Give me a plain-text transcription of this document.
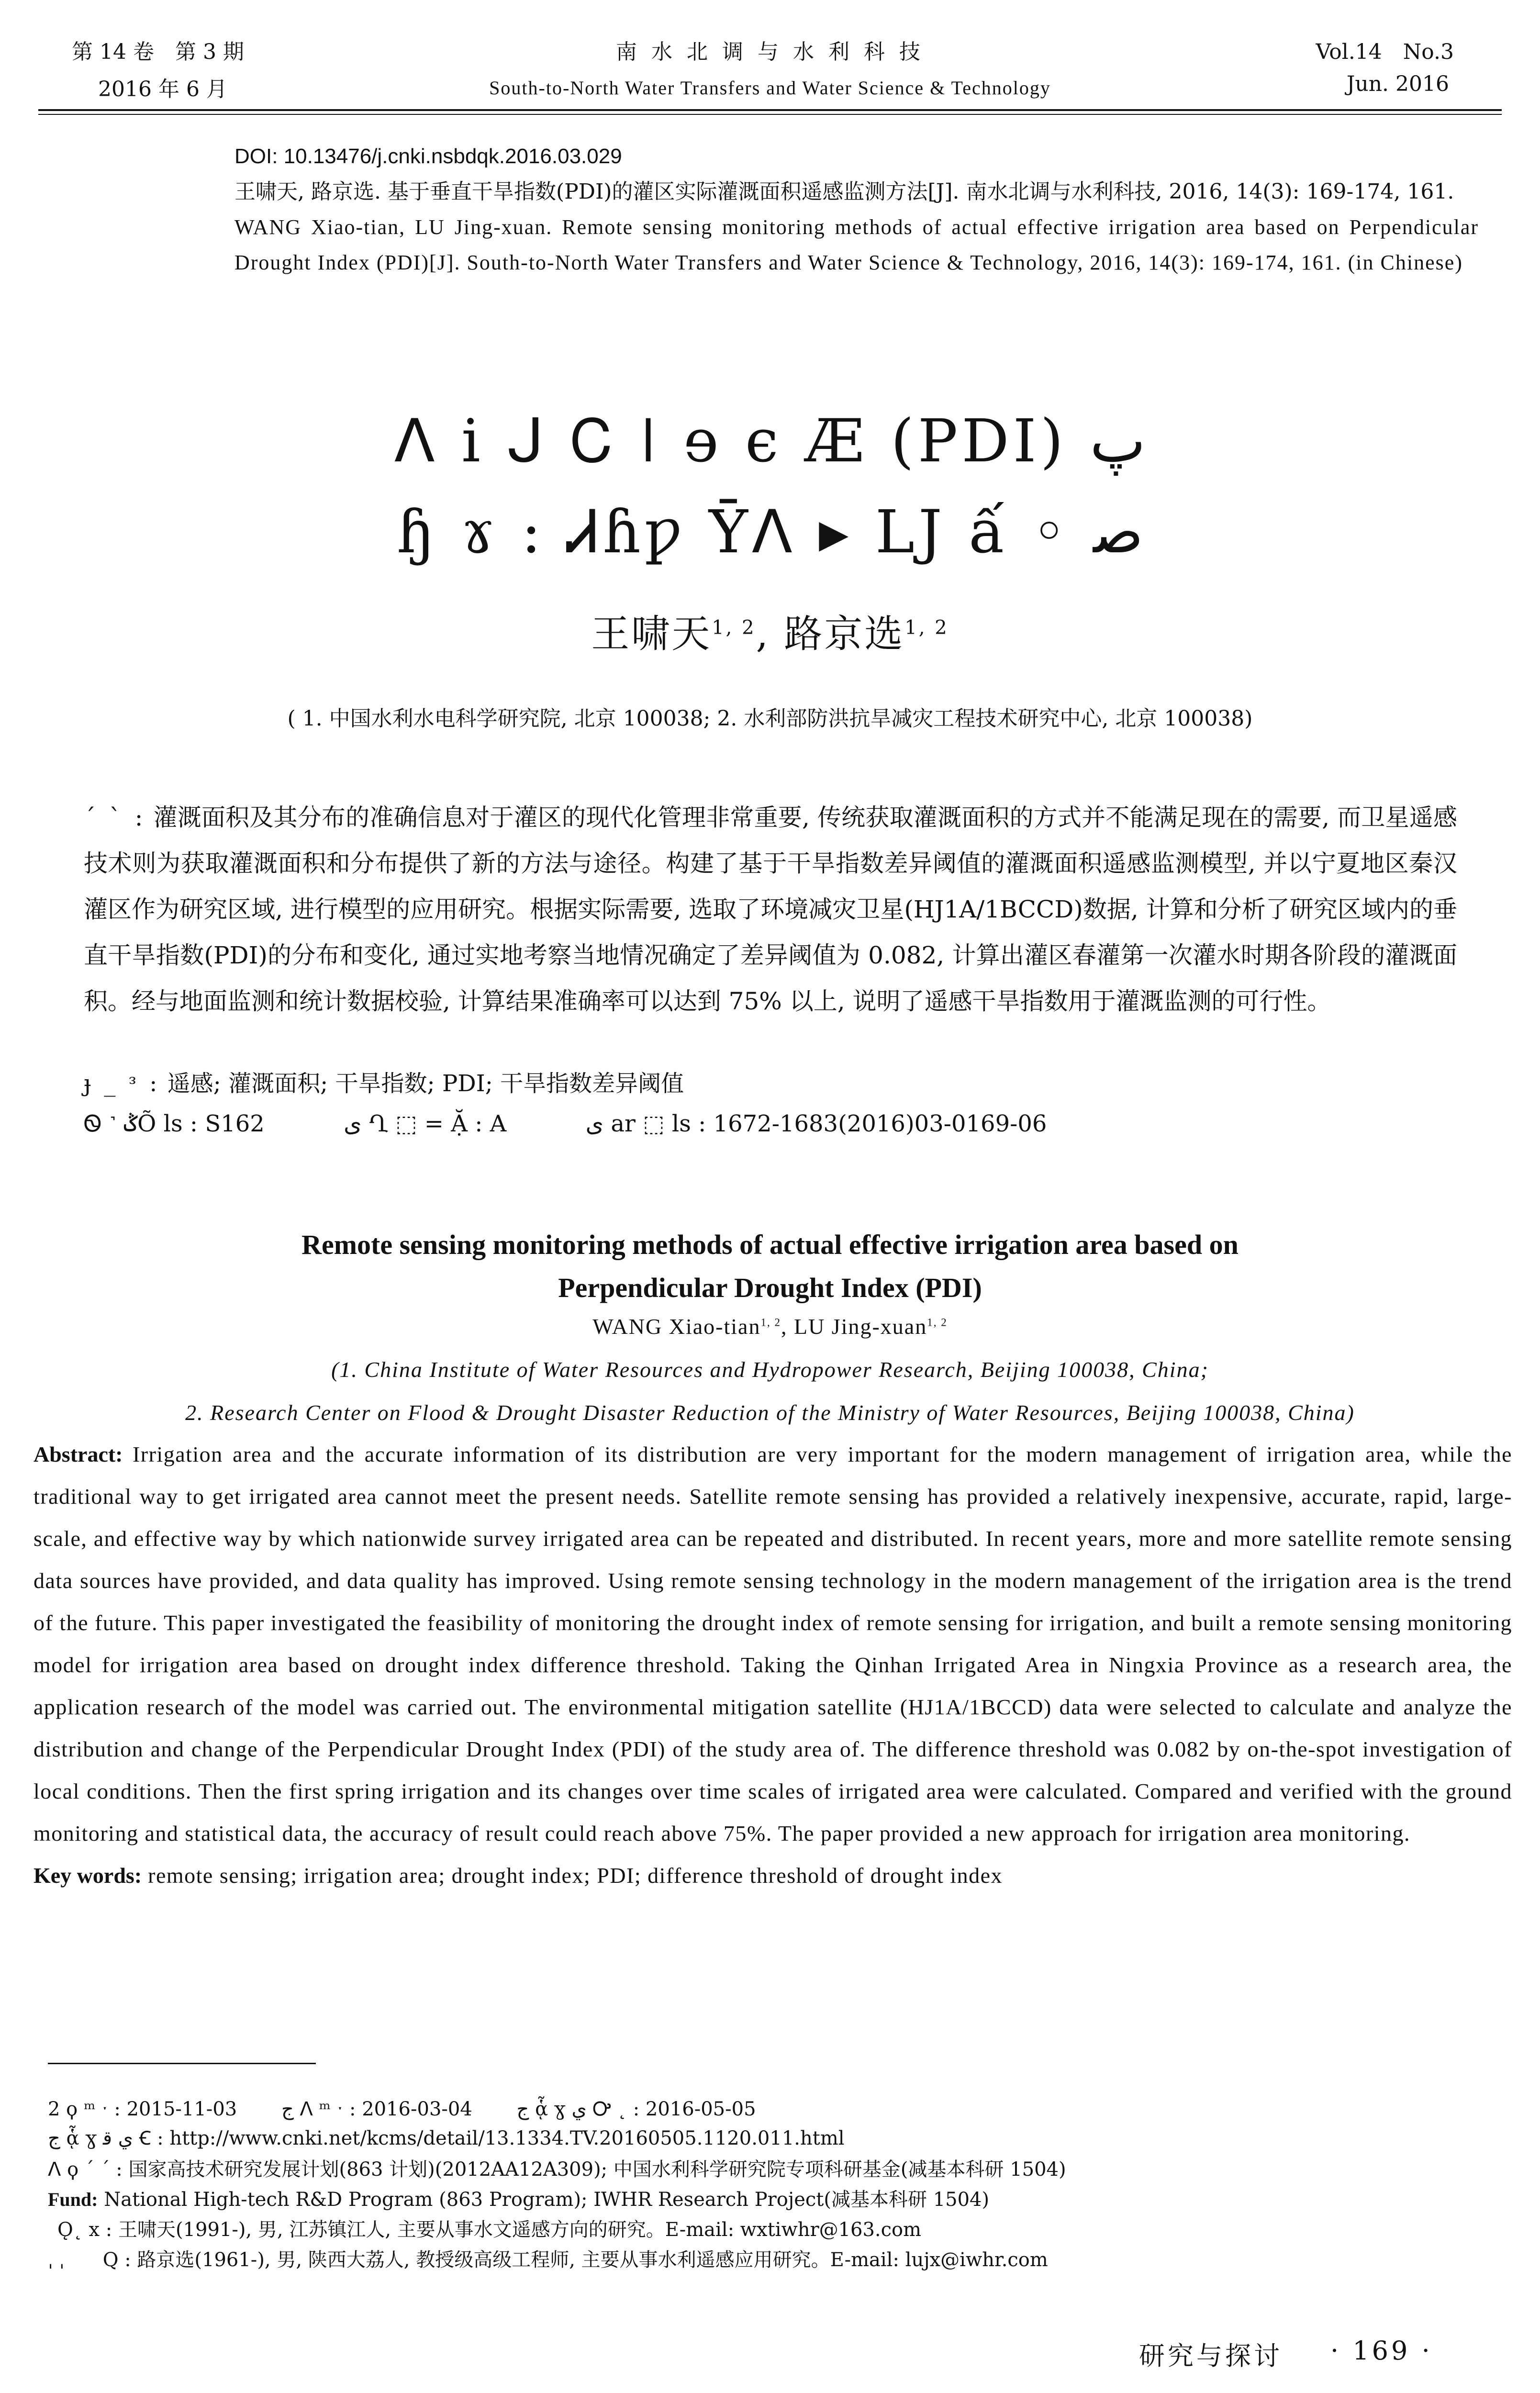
第 14 卷　第 3 期
2016 年 6 月
南 水 北 调 与 水 利 科 技
South-to-North Water Transfers and Water Science & Technology
Vol.14　No.3
Jun. 2016

DOI: 10.13476/j.cnki.nsbdqk.2016.03.029

王啸天, 路京选. 基于垂直干旱指数(PDI)的灌区实际灌溉面积遥感监测方法[J]. 南水北调与水利科技, 2016, 14(3): 169-174, 161.

WANG Xiao-tian, LU Jing-xuan. Remote sensing monitoring methods of actual effective irrigation area based on Perpendicular Drought Index (PDI)[J]. South-to-North Water Transfers and Water Science & Technology, 2016, 14(3): 169-174, 161. (in Chinese)

ᐱ i ᒍ Ꮯ ǀ ɘ є Æ (PDI) پ
ɧ ɤ : Ꮧɦƿ Ȳᐱ ▸ LJ ấ ◦ ﺻ
王啸天$^{1, 2}$, 路京选$^{1, 2}$
( 1. 中国水利水电科学研究院, 北京 100038; 2. 水利部防洪抗旱减灾工程技术研究中心, 北京 100038)
ˊ ˋ : 灌溉面积及其分布的准确信息对于灌区的现代化管理非常重要, 传统获取灌溉面积的方式并不能满足现在的需要, 而卫星遥感技术则为获取灌溉面积和分布提供了新的方法与途径。构建了基于干旱指数差异阈值的灌溉面积遥感监测模型, 并以宁夏地区秦汉灌区作为研究区域, 进行模型的应用研究。根据实际需要, 选取了环境减灾卫星(HJ1A/1BCCD)数据, 计算和分析了研究区域内的垂直干旱指数(PDI)的分布和变化, 通过实地考察当地情况确定了差异阈值为 0.082, 计算出灌区春灌第一次灌水时期各阶段的灌溉面积。经与地面监测和统计数据校验, 计算结果准确率可以达到 75% 以上, 说明了遥感干旱指数用于灌溉监测的可行性。
ɟ _ ᵌ : 遥感; 灌溉面积; 干旱指数; PDI; 干旱指数差异阈值
Ꮻ ˺ ݣÕ ls : S162	ى Ղ ⬚ = Ặ : A	ى ar ⬚ ls : 1672-1683(2016)03-0169-06
Remote sensing monitoring methods of actual effective irrigation area based on
Perpendicular Drought Index (PDI)
WANG Xiao-tian$^{1, 2}$, LU Jing-xuan$^{1, 2}$
(1. China Institute of Water Resources and Hydropower Research, Beijing 100038, China;
2. Research Center on Flood & Drought Disaster Reduction of the Ministry of Water Resources, Beijing 100038, China)
Abstract: Irrigation area and the accurate information of its distribution are very important for the modern management of irrigation area, while the traditional way to get irrigated area cannot meet the present needs. Satellite remote sensing has provided a relatively inexpensive, accurate, rapid, large-scale, and effective way by which nationwide survey irrigated area can be repeated and distributed. In recent years, more and more satellite remote sensing data sources have provided, and data quality has improved. Using remote sensing technology in the modern management of the irrigation area is the trend of the future. This paper investigated the feasibility of monitoring the drought index of remote sensing for irrigation, and built a remote sensing monitoring model for irrigation area based on drought index difference threshold. Taking the Qinhan Irrigated Area in Ningxia Province as a research area, the application research of the model was carried out. The environmental mitigation satellite (HJ1A/1BCCD) data were selected to calculate and analyze the distribution and change of the Perpendicular Drought Index (PDI) of the study area of. The difference threshold was 0.082 by on-the-spot investigation of local conditions. Then the first spring irrigation and its changes over time scales of irrigated area were calculated. Compared and verified with the ground monitoring and statistical data, the accuracy of result could reach above 75%. The paper provided a new approach for irrigation area monitoring.
Key words: remote sensing; irrigation area; drought index; PDI; difference threshold of drought index
2 ϙ ᵐ ˑ : 2015-11-03　　 ج ᐱ ᵐ ˑ : 2016-03-04　　 ج ᾇ ɣ ي Ꭴ ˛ : 2016-05-05
ج ᾇ ɣ ي ﻗ Ꞓ : http://www.cnki.net/kcms/detail/13.1334.TV.20160505.1120.011.html
ᐱ ϙ ˊ ˊ : 国家高技术研究发展计划(863 计划)(2012AA12A309); 中国水利科学研究院专项科研基金(减基本科研 1504)
Fund: National High-tech R&D Program (863 Program); IWHR Research Project(减基本科研 1504)
Ǫ˛ ⅹ : 王啸天(1991-), 男, 江苏镇江人, 主要从事水文遥感方向的研究。E-mail: wxtiwhr@163.com
ˌ ˌ　　Q : 路京选(1961-), 男, 陕西大荔人, 教授级高级工程师, 主要从事水利遥感应用研究。E-mail: lujx@iwhr.com
研究与探讨 · 169 ·
